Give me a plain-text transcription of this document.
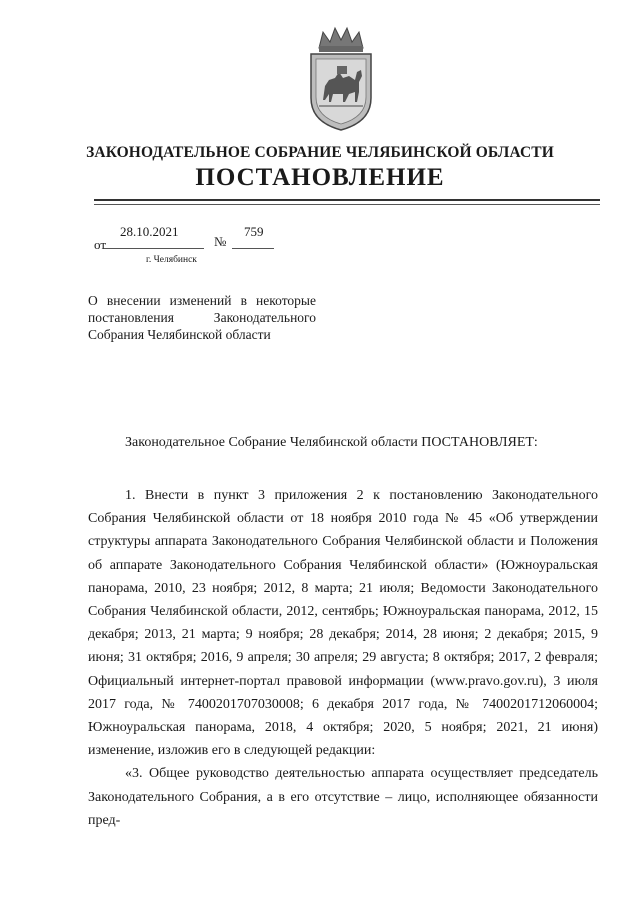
ЗАКОНОДАТЕЛЬНОЕ СОБРАНИЕ ЧЕЛЯБИНСКОЙ ОБЛАСТИ
ПОСТАНОВЛЕНИЕ
от
28.10.2021
№
759
г. Челябинск
О внесении изменений в некоторые постановления Законодательного Собрания Челябинской области
Законодательное Собрание Челябинской области ПОСТАНОВЛЯЕТ:

1. Внести в пункт 3 приложения 2 к постановлению Законодательного Собрания Челябинской области от 18 ноября 2010 года № 45 «Об утверждении структуры аппарата Законодательного Собрания Челябинской области и Положения об аппарате Законодательного Собрания Челябинской области» (Южноуральская панорама, 2010, 23 ноября; 2012, 8 марта; 21 июля; Ведомости Законодательного Собрания Челябинской области, 2012, сентябрь; Южноуральская панорама, 2012, 15 декабря; 2013, 21 марта; 9 ноября; 28 декабря; 2014, 28 июня; 2 декабря; 2015, 9 июня; 31 октября; 2016, 9 апреля; 30 апреля; 29 августа; 8 октября; 2017, 2 февраля; Официальный интернет-портал правовой информации (www.pravo.gov.ru), 3 июля 2017 года, № 7400201707030008; 6 декабря 2017 года, № 7400201712060004; Южноуральская панорама, 2018, 4 октября; 2020, 5 ноября; 2021, 21 июня) изменение, изложив его в следующей редакции:

«3. Общее руководство деятельностью аппарата осуществляет председатель Законодательного Собрания, а в его отсутствие – лицо, исполняющее обязанности пред-
